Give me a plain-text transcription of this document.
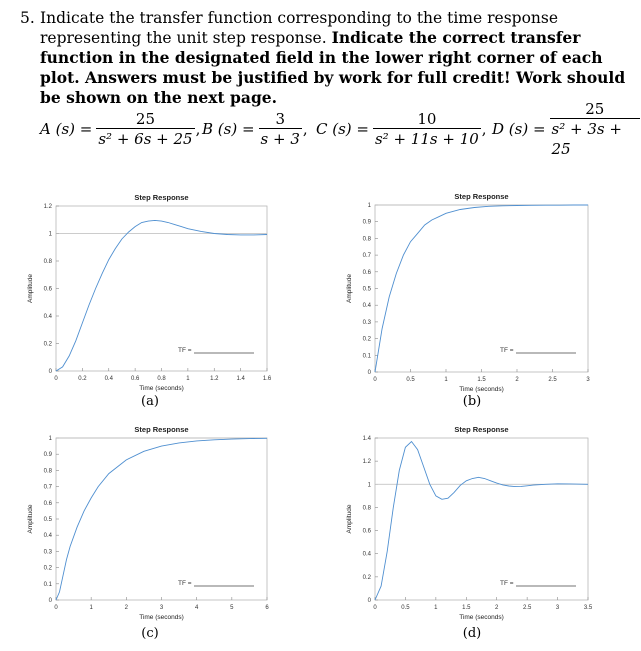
5. Indicate the transfer function corresponding to the time response representing the unit step response. Indicate the correct transfer function in the designated field in the lower right corner of each plot. Answers must be justified by work for full credit! Work should be shown on the next page.
A $(s) = \frac{25}{\text{s² + 6s + 25}}$ , B $(s) = \frac{3}{s + 3}$ , C $(s) = \frac{10}{\text{s² + 11s + 10}}$ , D $(s) = \frac{25}{\text{s² + 3s + 25}}$
Step Response
0	0.2	0.4	0.6	0.8	1	1.2	1.4	1.6
0
0.2
0.4
0.6
0.8
1
1.2
Time (seconds)
Amplitude
TF =
(a)
Step Response
0	0.5	1	1.5	2	2.5	3
0
0.1
0.2
0.3
0.4
0.5
0.6
0.7
0.8
0.9
1
Time (seconds)
Amplitude
TF =
(b)
Step Response
0	1	2	3	4	5	6
0
0.1
0.2
0.3
0.4
0.5
0.6
0.7
0.8
0.9
1
Time (seconds)
Amplitude
TF =
(c)
Step Response
0	0.5	1	1.5	2	2.5	3	3.5
0
0.2
0.4
0.6
0.8
1
1.2
1.4
Time (seconds)
Amplitude
TF =
(d)
